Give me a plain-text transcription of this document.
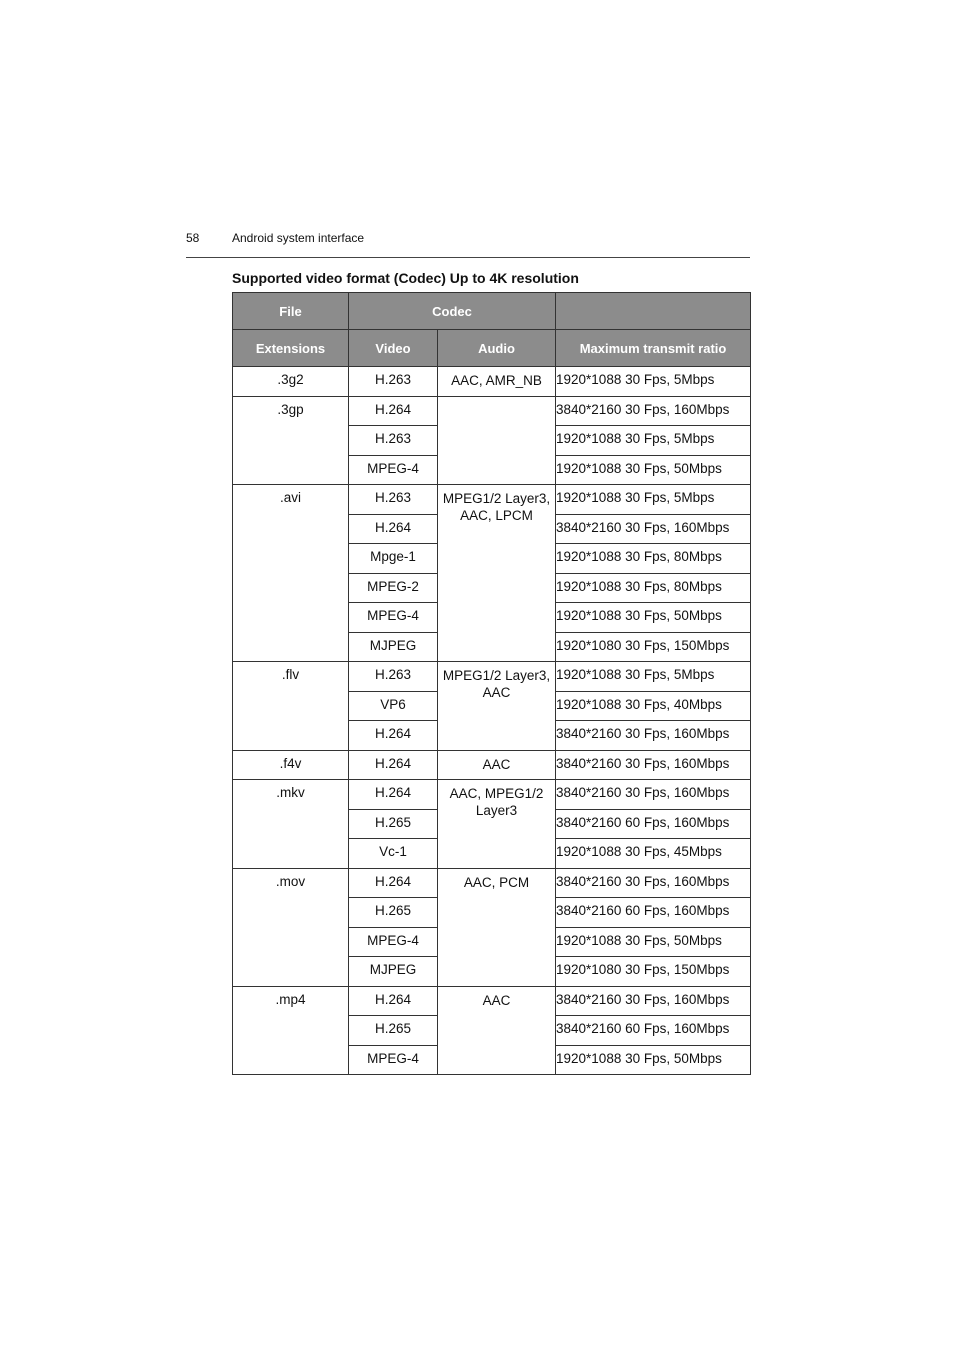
58	Android system interface
Supported video format (Codec) Up to 4K resolution
File	Codec		
Extensions	Video	Audio	Maximum transmit ratio
.3g2	H.263	AAC, AMR_NB	1920*1088 30 Fps, 5Mbps
.3gp	H.264		3840*2160 30 Fps, 160Mbps
	H.263		1920*1088 30 Fps, 5Mbps
	MPEG-4		1920*1088 30 Fps, 50Mbps
.avi	H.263	MPEG1/2 Layer3, AAC, LPCM	1920*1088 30 Fps, 5Mbps
	H.264		3840*2160 30 Fps, 160Mbps
	Mpge-1		1920*1088 30 Fps, 80Mbps
	MPEG-2		1920*1088 30 Fps, 80Mbps
	MPEG-4		1920*1088 30 Fps, 50Mbps
	MJPEG		1920*1080 30 Fps, 150Mbps
.flv	H.263	MPEG1/2 Layer3, AAC	1920*1088 30 Fps, 5Mbps
	VP6		1920*1088 30 Fps, 40Mbps
	H.264		3840*2160 30 Fps, 160Mbps
.f4v	H.264	AAC	3840*2160 30 Fps, 160Mbps
.mkv	H.264	AAC, MPEG1/2 Layer3	3840*2160 30 Fps, 160Mbps
	H.265		3840*2160 60 Fps, 160Mbps
	Vc-1		1920*1088 30 Fps, 45Mbps
.mov	H.264	AAC, PCM	3840*2160 30 Fps, 160Mbps
	H.265		3840*2160 60 Fps, 160Mbps
	MPEG-4		1920*1088 30 Fps, 50Mbps
	MJPEG		1920*1080 30 Fps, 150Mbps
.mp4	H.264	AAC	3840*2160 30 Fps, 160Mbps
	H.265		3840*2160 60 Fps, 160Mbps
	MPEG-4		1920*1088 30 Fps, 50Mbps
